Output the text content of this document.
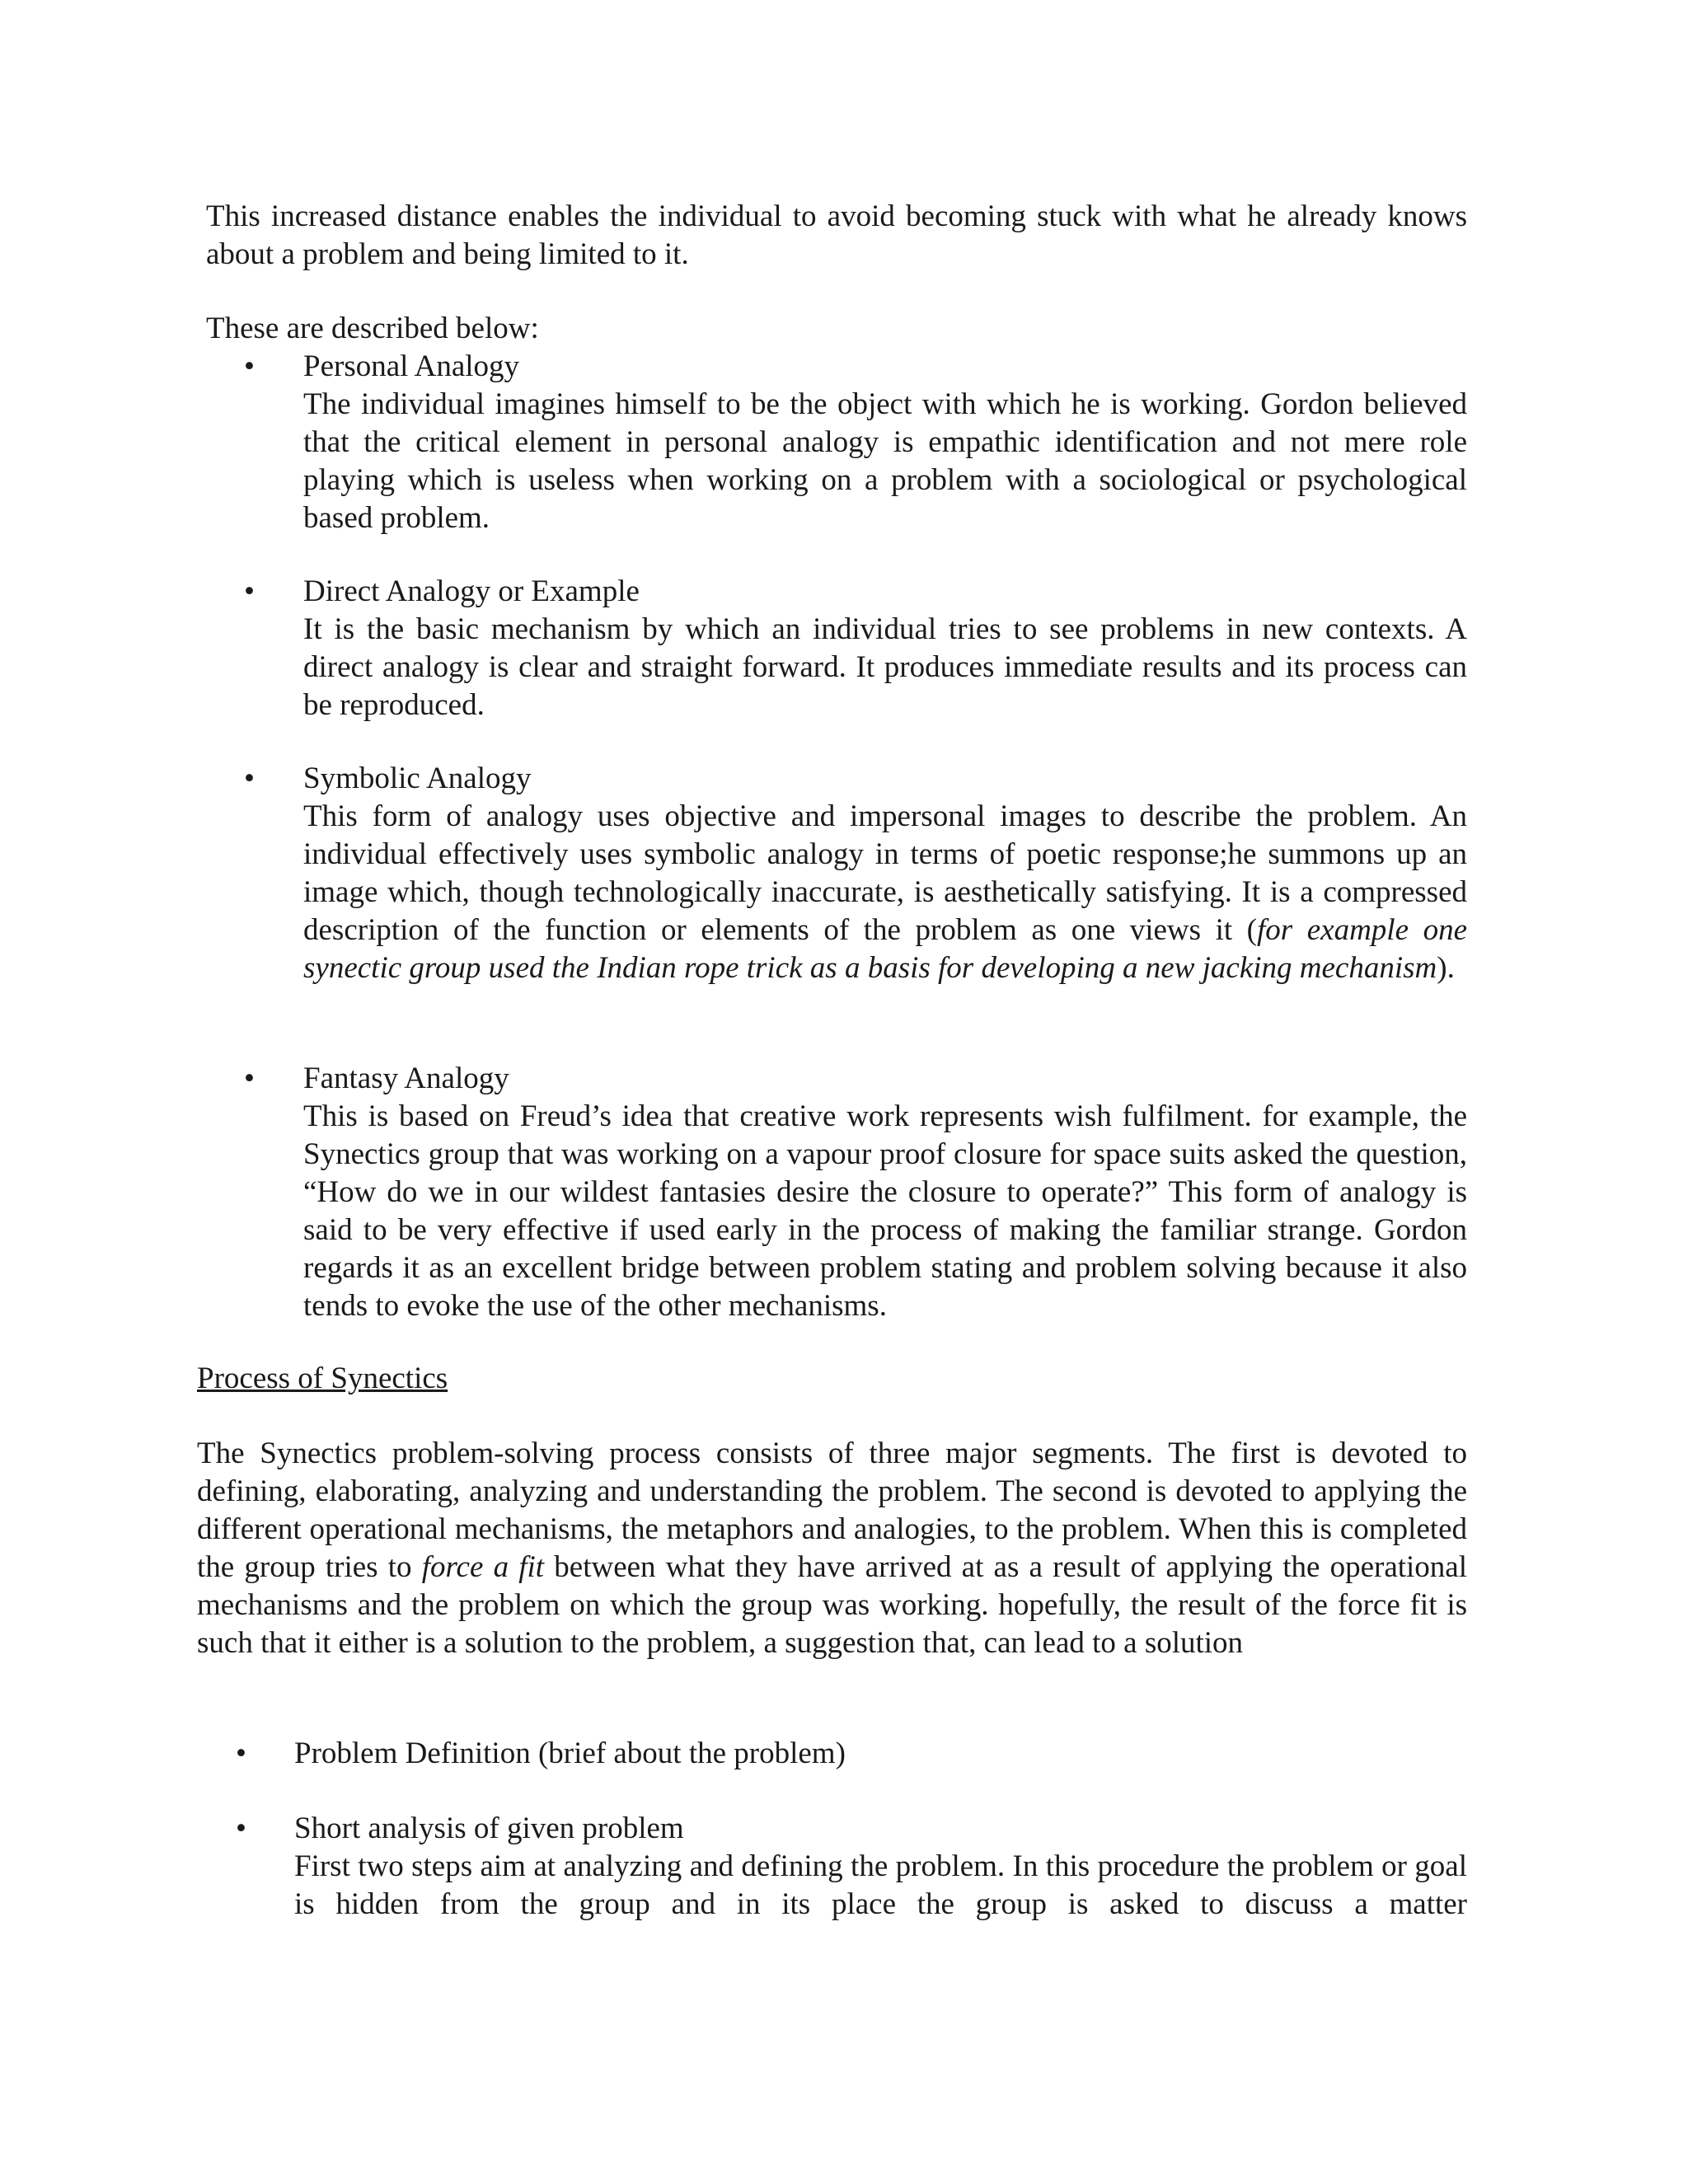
This increased distance enables the individual to avoid becoming stuck with what he already knows about a problem and being limited to it.

These are described below:

• Personal Analogy

The individual imagines himself to be the object with which he is working. Gordon believed that the critical element in personal analogy is empathic identification and not mere role playing which is useless when working on a problem with a sociological or psychological based problem.

• Direct Analogy or Example

It is the basic mechanism by which an individual tries to see problems in new contexts. A direct analogy is clear and straight forward. It produces immediate results and its process can be reproduced.

• Symbolic Analogy

This form of analogy uses objective and impersonal images to describe the problem. An individual effectively uses symbolic analogy in terms of poetic response;he summons up an image which, though technologically inaccurate, is aesthetically satisfying. It is a compressed description of the function or elements of the problem as one views it (for example one synectic group used the Indian rope trick as a basis for developing a new jacking mechanism).

• Fantasy Analogy

This is based on Freud’s idea that creative work represents wish fulfilment. for example, the Synectics group that was working on a vapour proof closure for space suits asked the question, “How do we in our wildest fantasies desire the closure to operate?” This form of analogy is said to be very effective if used early in the process of making the familiar strange. Gordon regards it as an excellent bridge between problem stating and problem solving because it also tends to evoke the use of the other mechanisms.

Process of Synectics

The Synectics problem-solving process consists of three major segments. The first is devoted to defining, elaborating, analyzing and understanding the problem. The second is devoted to applying the different operational mechanisms, the metaphors and analogies, to the problem. When this is completed the group tries to force a fit between what they have arrived at as a result of applying the operational mechanisms and the problem on which the group was working. hopefully, the result of the force fit is such that it either is a solution to the problem, a suggestion that, can lead to a solution

• Problem Definition (brief about the problem)

• Short analysis of given problem

First two steps aim at analyzing and defining the problem. In this procedure the problem or goal is hidden from the group and in its place the group is asked to discuss a matter
